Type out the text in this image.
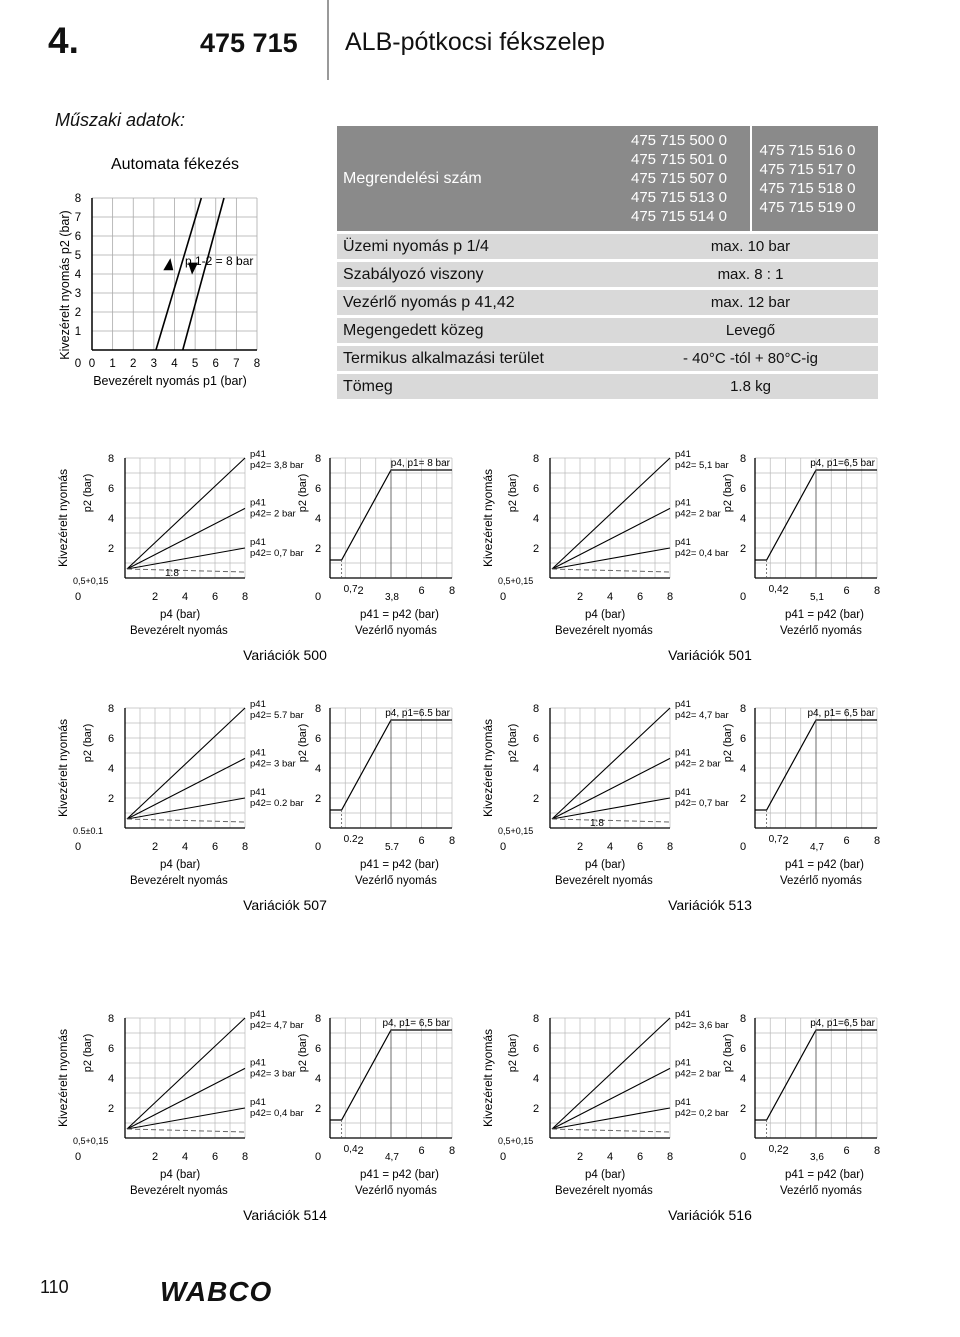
4.	475 715 ALB-pótkocsi fékszelep
Műszaki adatok:
Automata fékezés
Kivezérelt nyomás p2 (bar)
0 1
1
2
2
3
3
4
4
5
5
6
6
7
7
8
8
0
p 1-2 = 8 bar
Bevezérelt nyomás p1 (bar)
Megrendelési szám
475 715 500 0
475 715 501 0
475 715 507 0
475 715 513 0
475 715 514 0
475 715 516 0
475 715 517 0
475 715 518 0
475 715 519 0
Üzemi nyomás p 1/4	max. 10 bar
Szabályozó viszony	max. 8 : 1
Vezérlő nyomás p 41,42	max. 12 bar
Megengedett közeg	Levegő
Termikus alkalmazási terület	- 40°C -tól + 80°C-ig
Tömeg	1.8 kg
2
2
4
4
6
6
8
8
0
0,5+0,15
Kivezérelt nyomás p2 (bar)
p41
p42= 3,8 bar
p41
p42= 2 bar
p41
p42= 0,7 bar
1:8
p4 (bar)
Bevezérelt nyomás
2
4
6
8
0
p2 (bar)
0,7
3,8
2	6 8
p4, p1= 8 bar
p41 = p42 (bar)
Vezérlő nyomás
Variációk 500
2
2
4
4
6
6
8
8
0
0,5+0,15
Kivezérelt nyomás p2 (bar)
p41
p42= 5,1 bar
p41
p42= 2 bar
p41
p42= 0,4 bar
p4 (bar)
Bevezérelt nyomás
2
4
6
8
0
p2 (bar)
0,4
5,1
2	6 8
p4, p1=6,5 bar
p41 = p42 (bar)
Vezérlő nyomás
Variációk 501
2
2
4
4
6
6
8
8
0
0.5±0.1
Kivezérelt nyomás p2 (bar)
p41
p42= 5.7 bar
p41
p42= 3 bar
p41
p42= 0.2 bar
p4 (bar)
Bevezérelt nyomás
2
4
6
8
0
p2 (bar)
0.2
5.7
2	6 8
p4, p1=6.5 bar
p41 = p42 (bar)
Vezérlő nyomás
Variációk 507
2
2
4
4
6
6
8
8
0
0,5+0,15
Kivezérelt nyomás p2 (bar)
p41
p42= 4,7 bar
p41
p42= 2 bar
p41
p42= 0,7 bar
1:8
p4 (bar)
Bevezérelt nyomás
2
4
6
8
0
p2 (bar)
0,7
4,7
2	6 8
p4, p1= 6,5 bar
p41 = p42 (bar)
Vezérlő nyomás
Variációk 513
2
2
4
4
6
6
8
8
0
0,5+0,15
Kivezérelt nyomás p2 (bar)
p41
p42= 4,7 bar
p41
p42= 3 bar
p41
p42= 0,4 bar
p4 (bar)
Bevezérelt nyomás
2
4
6
8
0
p2 (bar)
0,4
4,7
2	6 8
p4, p1= 6,5 bar
p41 = p42 (bar)
Vezérlő nyomás
Variációk 514
2
2
4
4
6
6
8
8
0
0,5+0,15
Kivezérelt nyomás p2 (bar)
p41
p42= 3,6 bar
p41
p42= 2 bar
p41
p42= 0,2 bar
p4 (bar)
Bevezérelt nyomás
2
4
6
8
0
p2 (bar)
0,2
3,6
2	6 8
p4, p1=6,5 bar
p41 = p42 (bar)
Vezérlő nyomás
Variációk 516
110	WABCO
